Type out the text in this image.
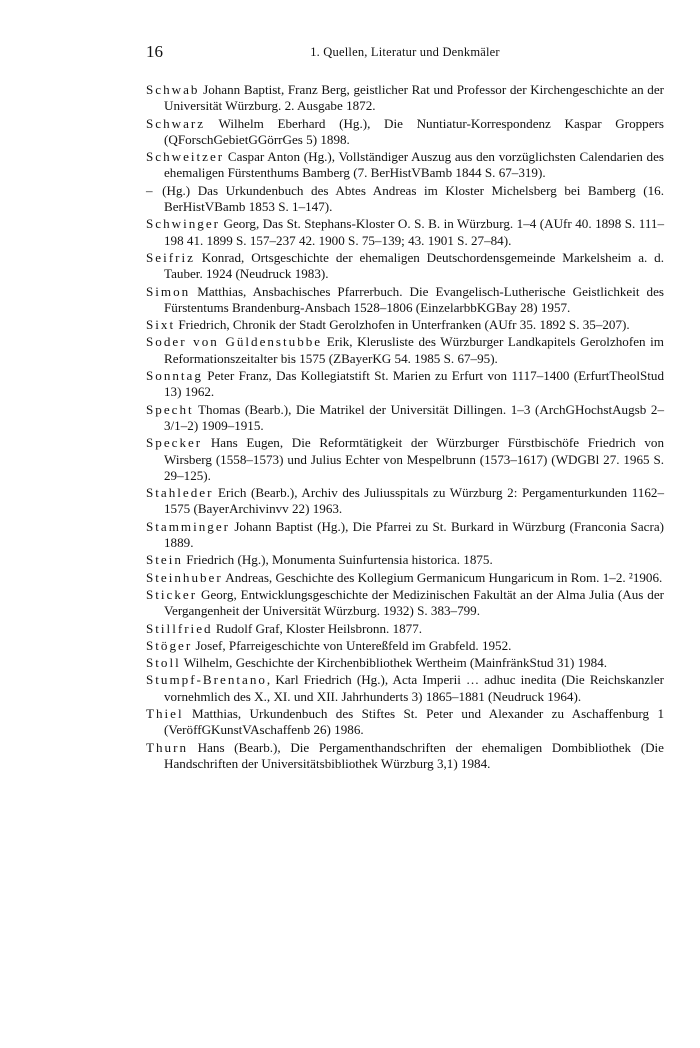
16	1. Quellen, Literatur und Denkmäler

Schwab Johann Baptist, Franz Berg, geistlicher Rat und Professor der Kirchengeschichte an der Universität Würzburg. 2. Ausgabe 1872.

Schwarz Wilhelm Eberhard (Hg.), Die Nuntiatur-Korrespondenz Kaspar Groppers (QForschGebietGGörrGes 5) 1898.

Schweitzer Caspar Anton (Hg.), Vollständiger Auszug aus den vorzüglichsten Calendarien des ehemaligen Fürstenthums Bamberg (7. BerHistVBamb 1844 S. 67–319).

– (Hg.) Das Urkundenbuch des Abtes Andreas im Kloster Michelsberg bei Bamberg (16. BerHistVBamb 1853 S. 1–147).

Schwinger Georg, Das St. Stephans-Kloster O. S. B. in Würzburg. 1–4 (AUfr 40. 1898 S. 111–198 41. 1899 S. 157–237 42. 1900 S. 75–139; 43. 1901 S. 27–84).

Seifriz Konrad, Ortsgeschichte der ehemaligen Deutschordensgemeinde Markelsheim a. d. Tauber. 1924 (Neudruck 1983).

Simon Matthias, Ansbachisches Pfarrerbuch. Die Evangelisch-Lutherische Geistlichkeit des Fürstentums Brandenburg-Ansbach 1528–1806 (EinzelarbbKGBay 28) 1957.

Sixt Friedrich, Chronik der Stadt Gerolzhofen in Unterfranken (AUfr 35. 1892 S. 35–207).

Soder von Güldenstubbe Erik, Klerusliste des Würzburger Landkapitels Gerolzhofen im Reformationszeitalter bis 1575 (ZBayerKG 54. 1985 S. 67–95).

Sonntag Peter Franz, Das Kollegiatstift St. Marien zu Erfurt von 1117–1400 (ErfurtTheolStud 13) 1962.

Specht Thomas (Bearb.), Die Matrikel der Universität Dillingen. 1–3 (ArchGHochstAugsb 2–3/1–2) 1909–1915.

Specker Hans Eugen, Die Reformtätigkeit der Würzburger Fürstbischöfe Friedrich von Wirsberg (1558–1573) und Julius Echter von Mespelbrunn (1573–1617) (WDGBl 27. 1965 S. 29–125).

Stahleder Erich (Bearb.), Archiv des Juliusspitals zu Würzburg 2: Pergamenturkunden 1162–1575 (BayerArchivinvv 22) 1963.

Stamminger Johann Baptist (Hg.), Die Pfarrei zu St. Burkard in Würzburg (Franconia Sacra) 1889.

Stein Friedrich (Hg.), Monumenta Suinfurtensia historica. 1875.

Steinhuber Andreas, Geschichte des Kollegium Germanicum Hungaricum in Rom. 1–2. ²1906.

Sticker Georg, Entwicklungsgeschichte der Medizinischen Fakultät an der Alma Julia (Aus der Vergangenheit der Universität Würzburg. 1932) S. 383–799.

Stillfried Rudolf Graf, Kloster Heilsbronn. 1877.

Stöger Josef, Pfarreigeschichte von Untereßfeld im Grabfeld. 1952.

Stoll Wilhelm, Geschichte der Kirchenbibliothek Wertheim (MainfränkStud 31) 1984.

Stumpf-Brentano, Karl Friedrich (Hg.), Acta Imperii … adhuc inedita (Die Reichskanzler vornehmlich des X., XI. und XII. Jahrhunderts 3) 1865–1881 (Neudruck 1964).

Thiel Matthias, Urkundenbuch des Stiftes St. Peter und Alexander zu Aschaffenburg 1 (VeröffGKunstVAschaffenb 26) 1986.

Thurn Hans (Bearb.), Die Pergamenthandschriften der ehemaligen Dombibliothek (Die Handschriften der Universitätsbibliothek Würzburg 3,1) 1984.
